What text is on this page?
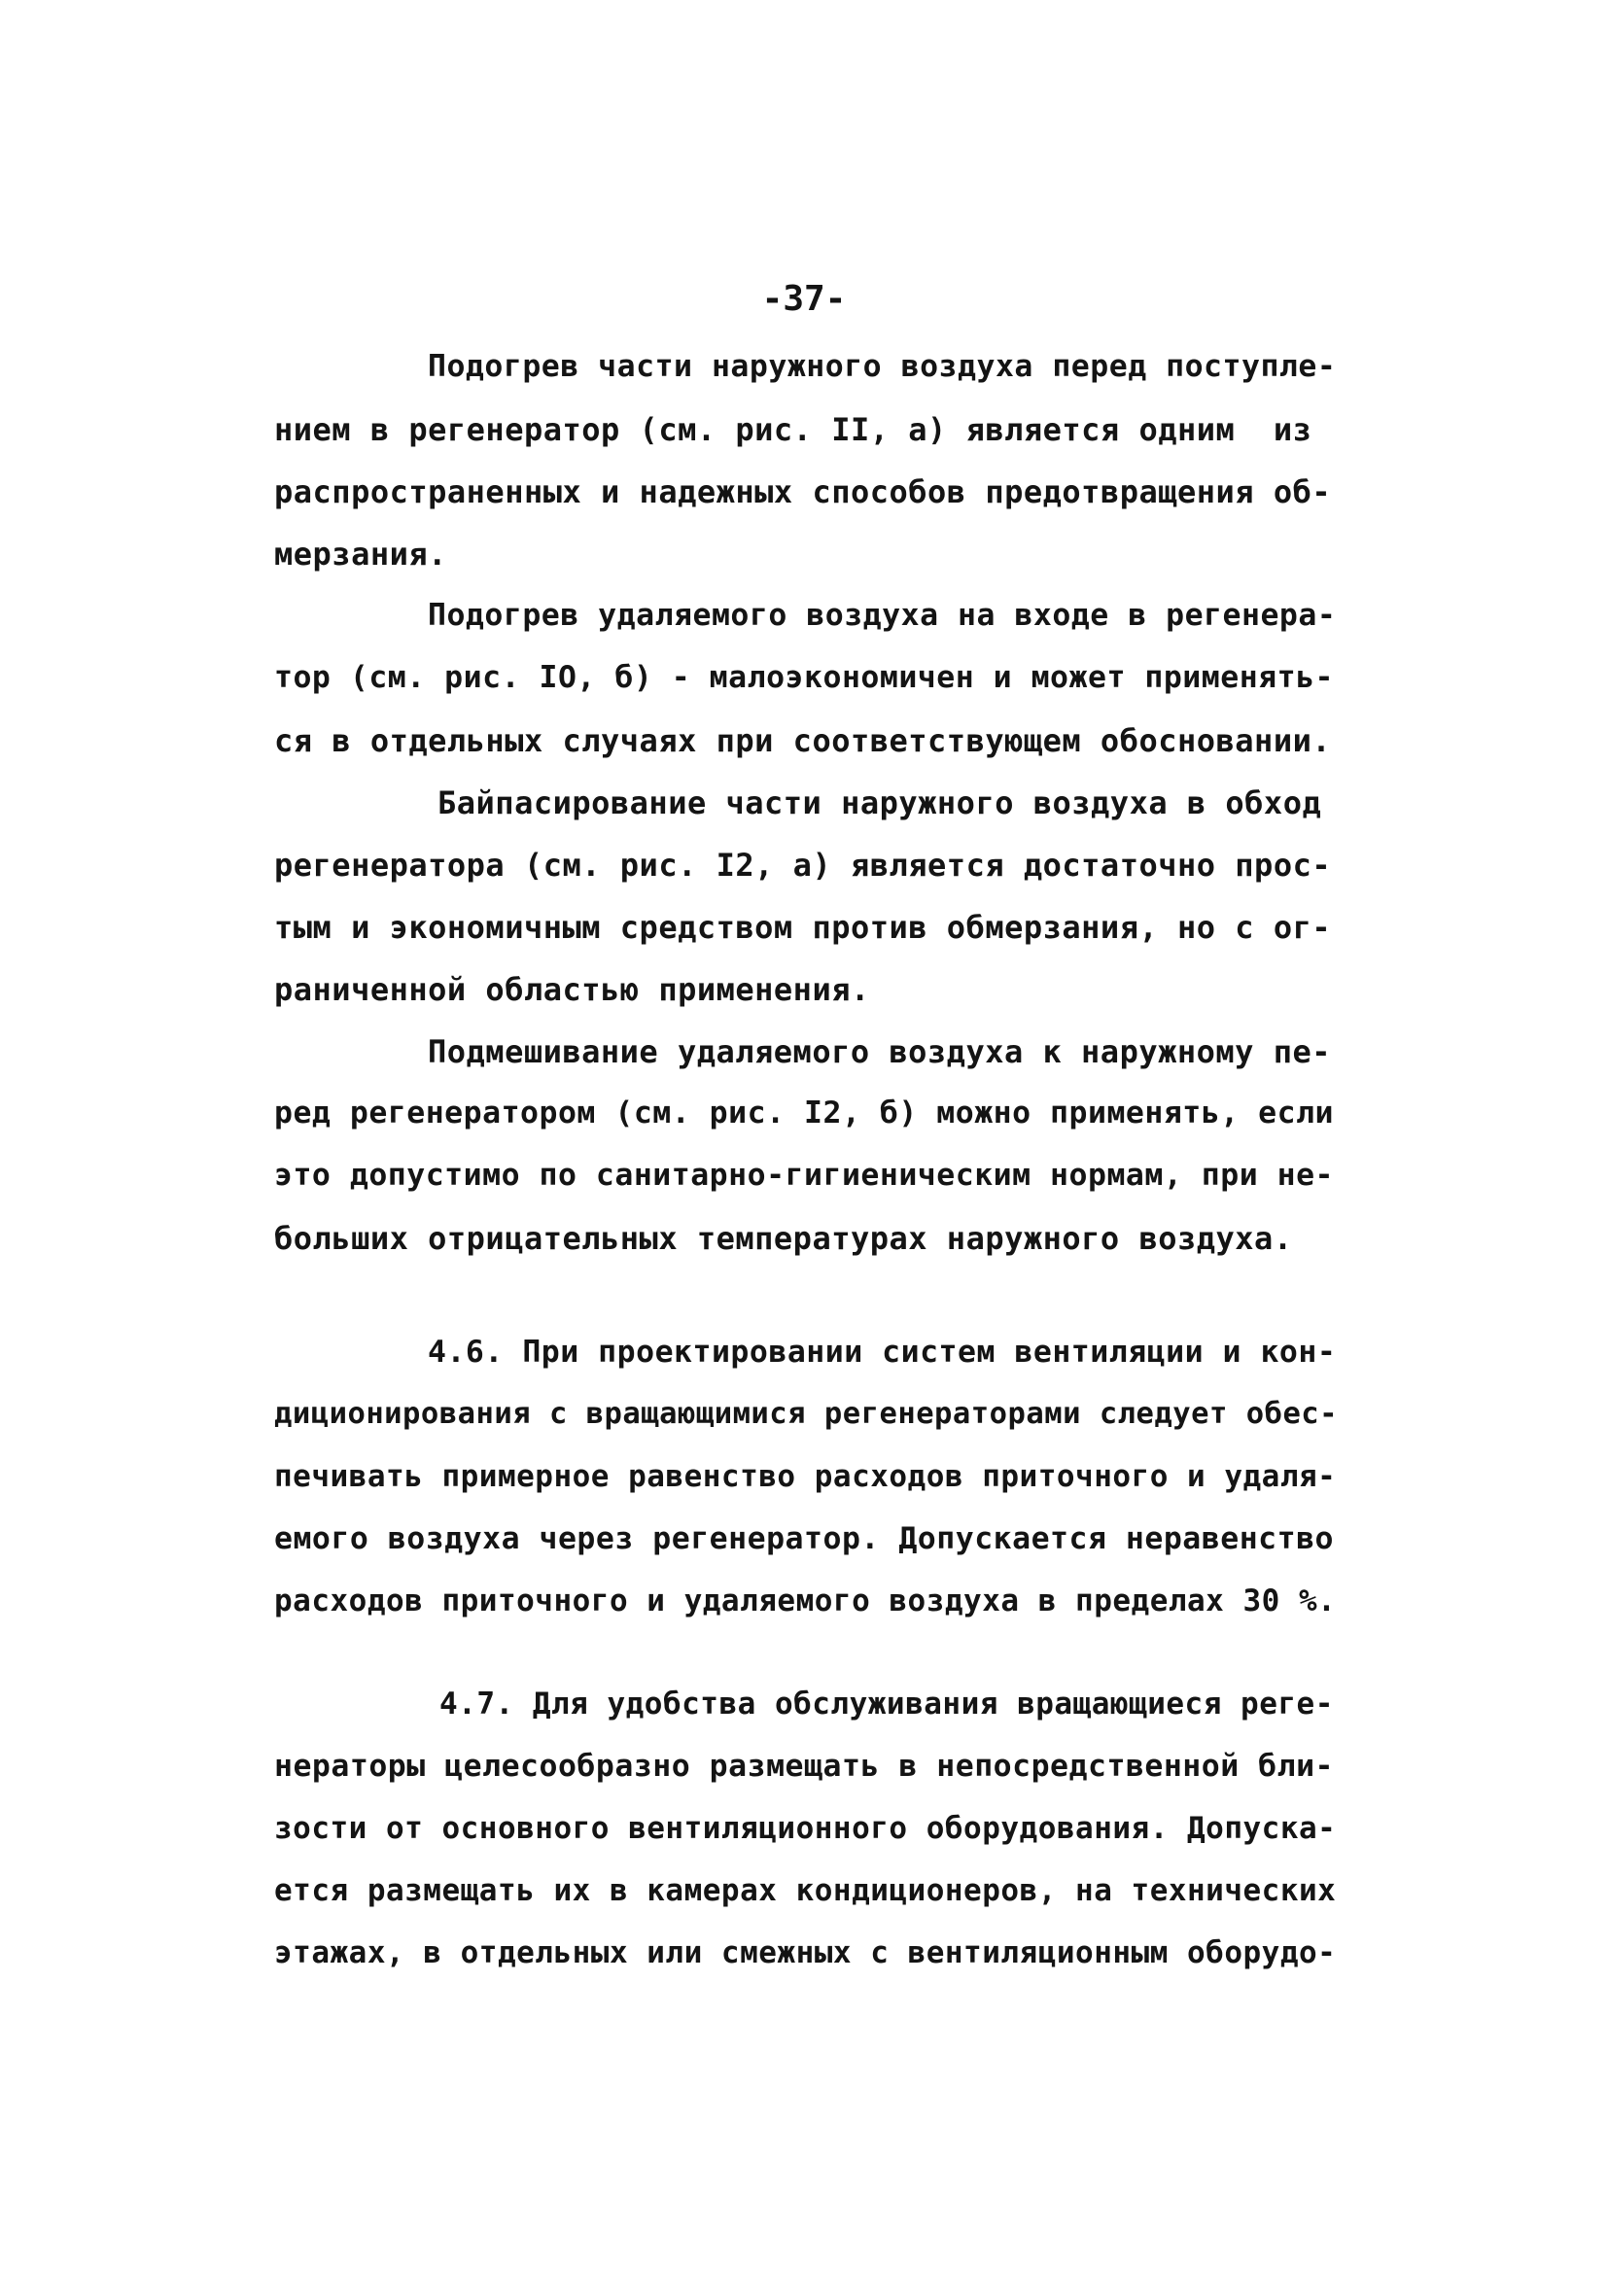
-37-
Подогрев части наружного воздуха перед поступле-
нием в регенератор (см. рис. II, а) является одним  из
распространенных и надежных способов предотвращения об-
мерзания.
Подогрев удаляемого воздуха на входе в регенера-
тор (см. рис. IO, б) - малоэкономичен и может применять-
ся в отдельных случаях при соответствующем обосновании.
Байпасирование части наружного воздуха в обход
регенератора (см. рис. I2, а) является достаточно прос-
тым и экономичным средством против обмерзания, но с ог-
раниченной областью применения.
Подмешивание удаляемого воздуха к наружному пе-
ред регенератором (см. рис. I2, б) можно применять, если
это допустимо по санитарно-гигиеническим нормам, при не-
больших отрицательных температурах наружного воздуха.
4.6. При проектировании систем вентиляции и кон-
диционирования с вращающимися регенераторами следует обес-
печивать примерное равенство расходов приточного и удаля-
емого воздуха через регенератор. Допускается неравенство
расходов приточного и удаляемого воздуха в пределах 30 %.
4.7. Для удобства обслуживания вращающиеся реге-
нераторы целесообразно размещать в непосредственной бли-
зости от основного вентиляционного оборудования. Допуска-
ется размещать их в камерах кондиционеров, на технических
этажах, в отдельных или смежных с вентиляционным оборудо-
